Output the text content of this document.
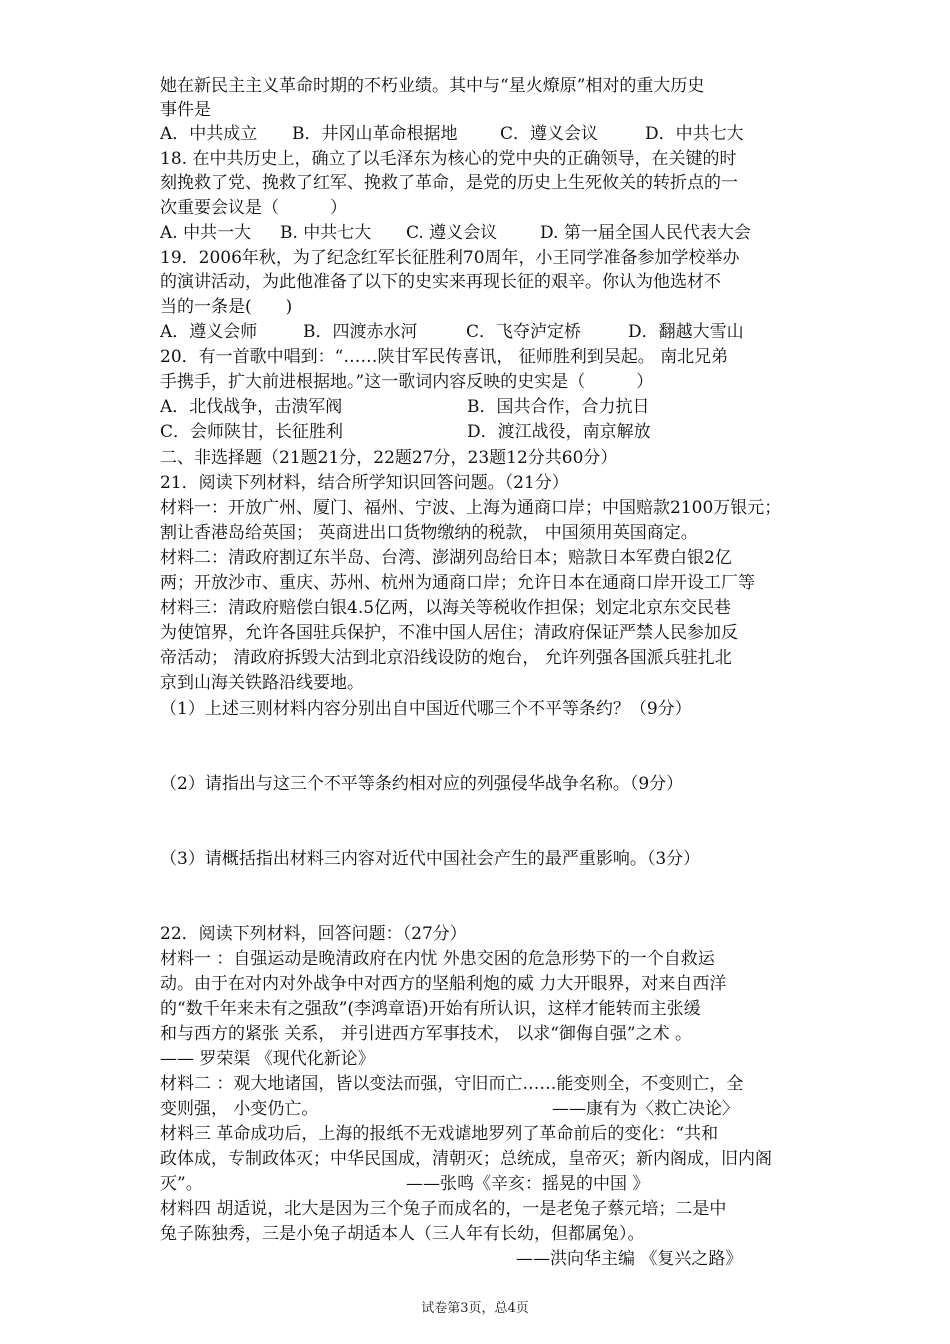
她在新民主主义革命时期的不朽业绩。其中与“星火燎原”相对的重大历史
事件是
A．中共成立 B．井冈山革命根据地	C．遵义会议	D．中共七大
18. 在中共历史上，确立了以毛泽东为核心的党中央的正确领导，在关键的时
刻挽救了党、挽救了红军、挽救了革命，是党的历史上生死攸关的转折点的一
次重要会议是（　　　）
A. 中共一大 B. 中共七大 C. 遵义会议	D. 第一届全国人民代表大会
19．2006年秋，为了纪念红军长征胜利70周年，小王同学准备参加学校举办
的演讲活动，为此他准备了以下的史实来再现长征的艰辛。你认为他选材不
当的一条是(　　)
A．遵义会师	B．四渡赤水河	C．飞夺泸定桥	D．翻越大雪山
20．有一首歌中唱到：“……陕甘军民传喜讯， 征师胜利到吴起。 南北兄弟
手携手，扩大前进根据地。”这一歌词内容反映的史实是（　　　）
A．北伐战争，击溃军阀	B．国共合作，合力抗日
C．会师陕甘，长征胜利	D．渡江战役，南京解放
二、非选择题（21题21分，22题27分，23题12分共60分）
21．阅读下列材料，结合所学知识回答问题。（21分）
材料一：开放广州、厦门、福州、宁波、上海为通商口岸；中国赔款2100万银元；
割让香港岛给英国； 英商进出口货物缴纳的税款， 中国须用英国商定。
材料二：清政府割辽东半岛、台湾、澎湖列岛给日本；赔款日本军费白银2亿
两；开放沙市、重庆、苏州、杭州为通商口岸；允许日本在通商口岸开设工厂等
材料三：清政府赔偿白银4.5亿两，以海关等税收作担保；划定北京东交民巷
为使馆界，允许各国驻兵保护，不准中国人居住；清政府保证严禁人民参加反
帝活动； 清政府拆毁大沽到北京沿线设防的炮台， 允许列强各国派兵驻扎北
京到山海关铁路沿线要地。
（1）上述三则材料内容分别出自中国近代哪三个不平等条约？（9分）
（2）请指出与这三个不平等条约相对应的列强侵华战争名称。（9分）
（3）请概括指出材料三内容对近代中国社会产生的最严重影响。（3分）
22．阅读下列材料，回答问题：（27分）
材料一 ：自强运动是晚清政府在内忧 外患交困的危急形势下的一个自救运
动。由于在对内对外战争中对西方的坚船利炮的威 力大开眼界，对来自西洋
的“数千年来未有之强敌”(李鸿章语)开始有所认识，这样才能转而主张缓
和与西方的紧张 关系， 并引进西方军事技术， 以求“御侮自强”之术 。
—— 罗荣渠 《现代化新论》
材料二 ：观大地诸国，皆以变法而强，守旧而亡……能变则全，不变则亡，全
变则强， 小变仍亡。	——康有为〈救亡决论〉
材料三 革命成功后，上海的报纸不无戏谑地罗列了革命前后的变化：“共和
政体成，专制政体灭；中华民国成，清朝灭；总统成，皇帝灭；新内阁成，旧内阁
灭”。	——张鸣《辛亥：摇晃的中国 》
材料四 胡适说，北大是因为三个兔子而成名的，一是老兔子蔡元培；二是中
兔子陈独秀，三是小兔子胡适本人（三人年有长幼，但都属兔）。
——洪向华主编 《复兴之路》
试卷第3页，总4页
